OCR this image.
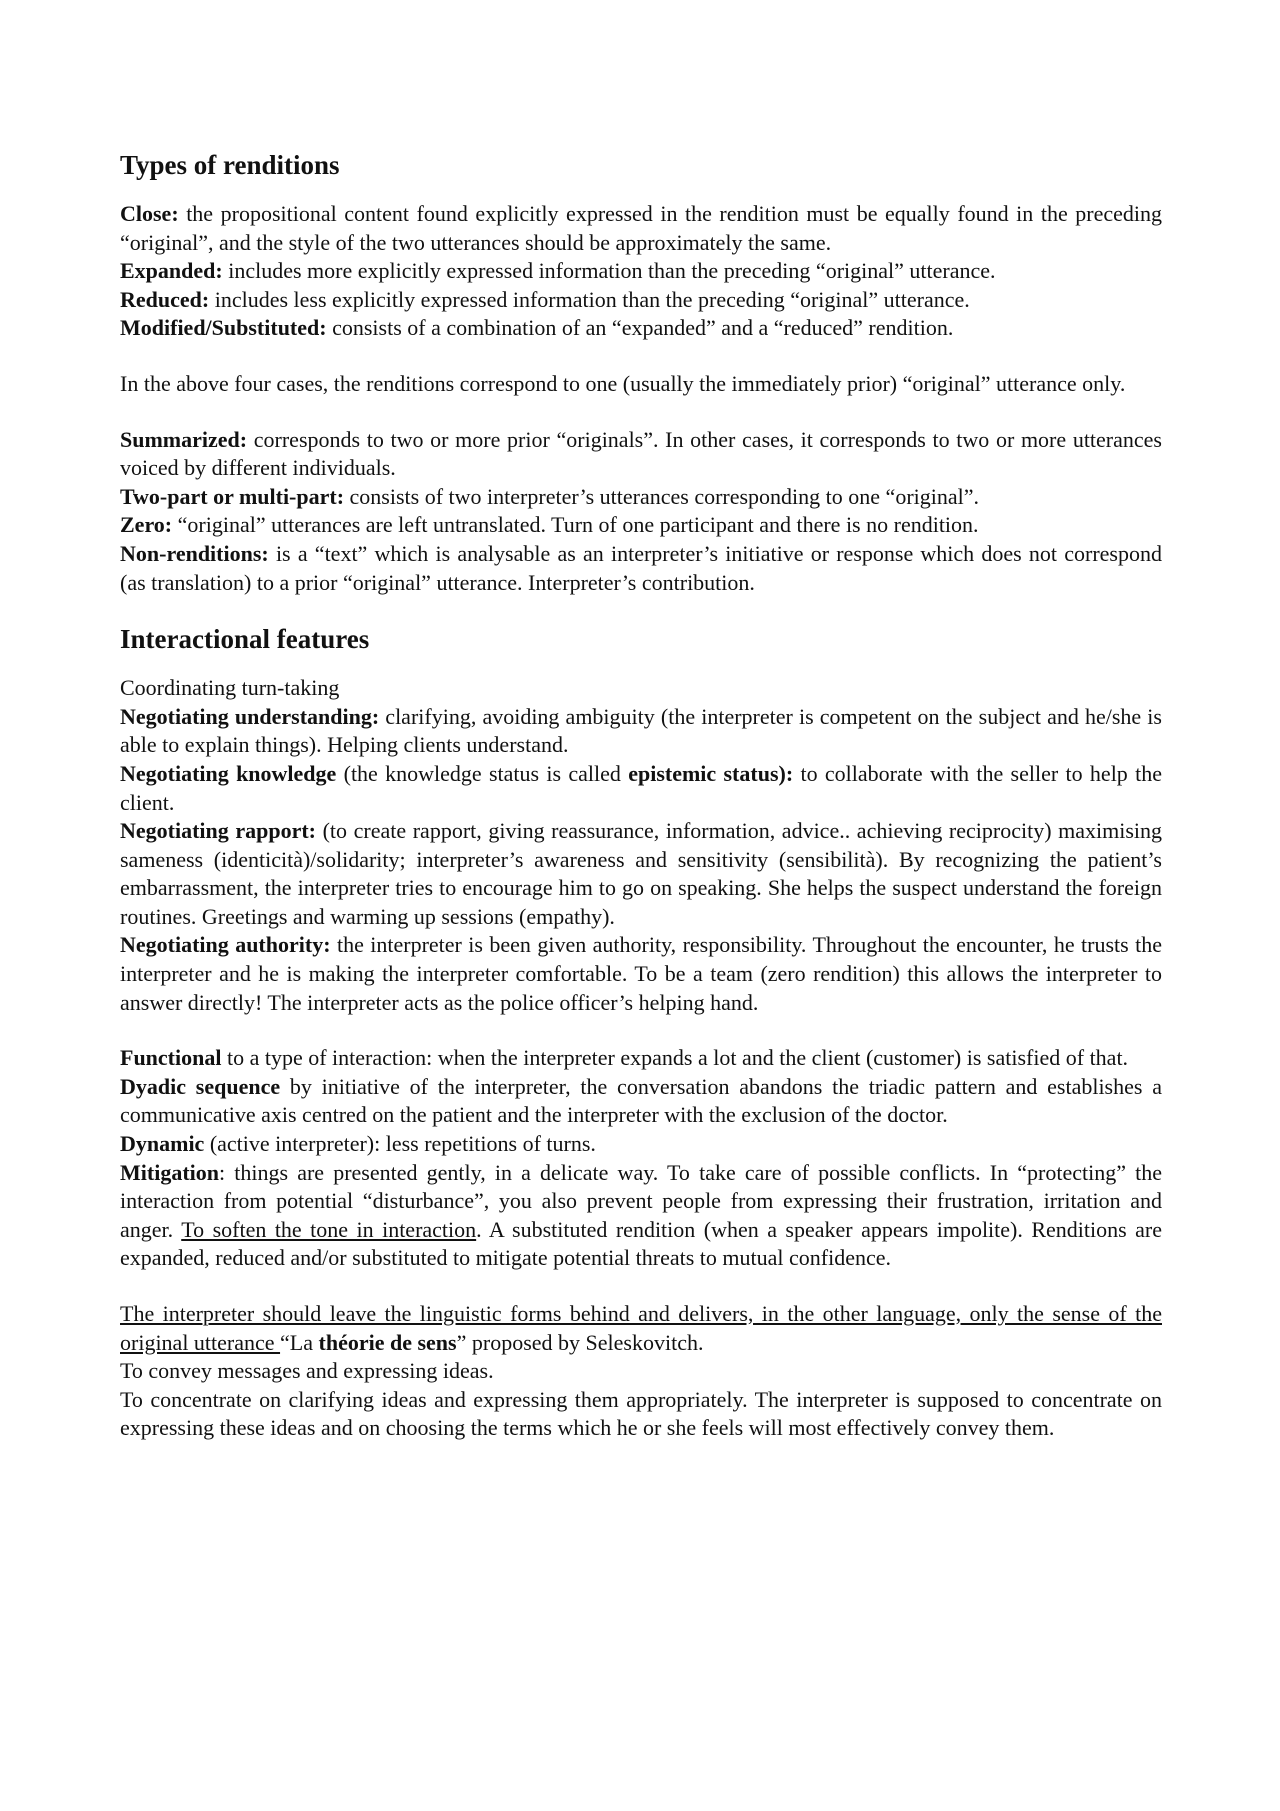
Types of renditions

Close: the propositional content found explicitly expressed in the rendition must be equally found in the preceding “original”, and the style of the two utterances should be approximately the same.

Expanded: includes more explicitly expressed information than the preceding “original” utterance.

Reduced: includes less explicitly expressed information than the preceding “original” utterance.

Modified/Substituted: consists of a combination of an “expanded” and a “reduced” rendition.

In the above four cases, the renditions correspond to one (usually the immediately prior) “original” utterance only.

Summarized: corresponds to two or more prior “originals”. In other cases, it corresponds to two or more utterances voiced by different individuals.

Two-part or multi-part: consists of two interpreter’s utterances corresponding to one “original”.

Zero: “original” utterances are left untranslated. Turn of one participant and there is no rendition.

Non-renditions: is a “text” which is analysable as an interpreter’s initiative or response which does not correspond (as translation) to a prior “original” utterance. Interpreter’s contribution.

Interactional features

Coordinating turn-taking

Negotiating understanding: clarifying, avoiding ambiguity (the interpreter is competent on the subject and he/she is able to explain things). Helping clients understand.

Negotiating knowledge (the knowledge status is called epistemic status): to collaborate with the seller to help the client.

Negotiating rapport: (to create rapport, giving reassurance, information, advice.. achieving reciprocity) maximising sameness (identicità)/solidarity; interpreter’s awareness and sensitivity (sensibilità). By recognizing the patient’s embarrassment, the interpreter tries to encourage him to go on speaking. She helps the suspect understand the foreign routines. Greetings and warming up sessions (empathy).

Negotiating authority: the interpreter is been given authority, responsibility. Throughout the encounter, he trusts the interpreter and he is making the interpreter comfortable. To be a team (zero rendition) this allows the interpreter to answer directly! The interpreter acts as the police officer’s helping hand.

Functional to a type of interaction: when the interpreter expands a lot and the client (customer) is satisfied of that.

Dyadic sequence by initiative of the interpreter, the conversation abandons the triadic pattern and establishes a communicative axis centred on the patient and the interpreter with the exclusion of the doctor.

Dynamic (active interpreter): less repetitions of turns.

Mitigation: things are presented gently, in a delicate way. To take care of possible conflicts. In “protecting” the interaction from potential “disturbance”, you also prevent people from expressing their frustration, irritation and anger. To soften the tone in interaction. A substituted rendition (when a speaker appears impolite). Renditions are expanded, reduced and/or substituted to mitigate potential threats to mutual confidence.

The interpreter should leave the linguistic forms behind and delivers, in the other language, only the sense of the original utterance “La théorie de sens” proposed by Seleskovitch.

To convey messages and expressing ideas.

To concentrate on clarifying ideas and expressing them appropriately. The interpreter is supposed to concentrate on expressing these ideas and on choosing the terms which he or she feels will most effectively convey them.
